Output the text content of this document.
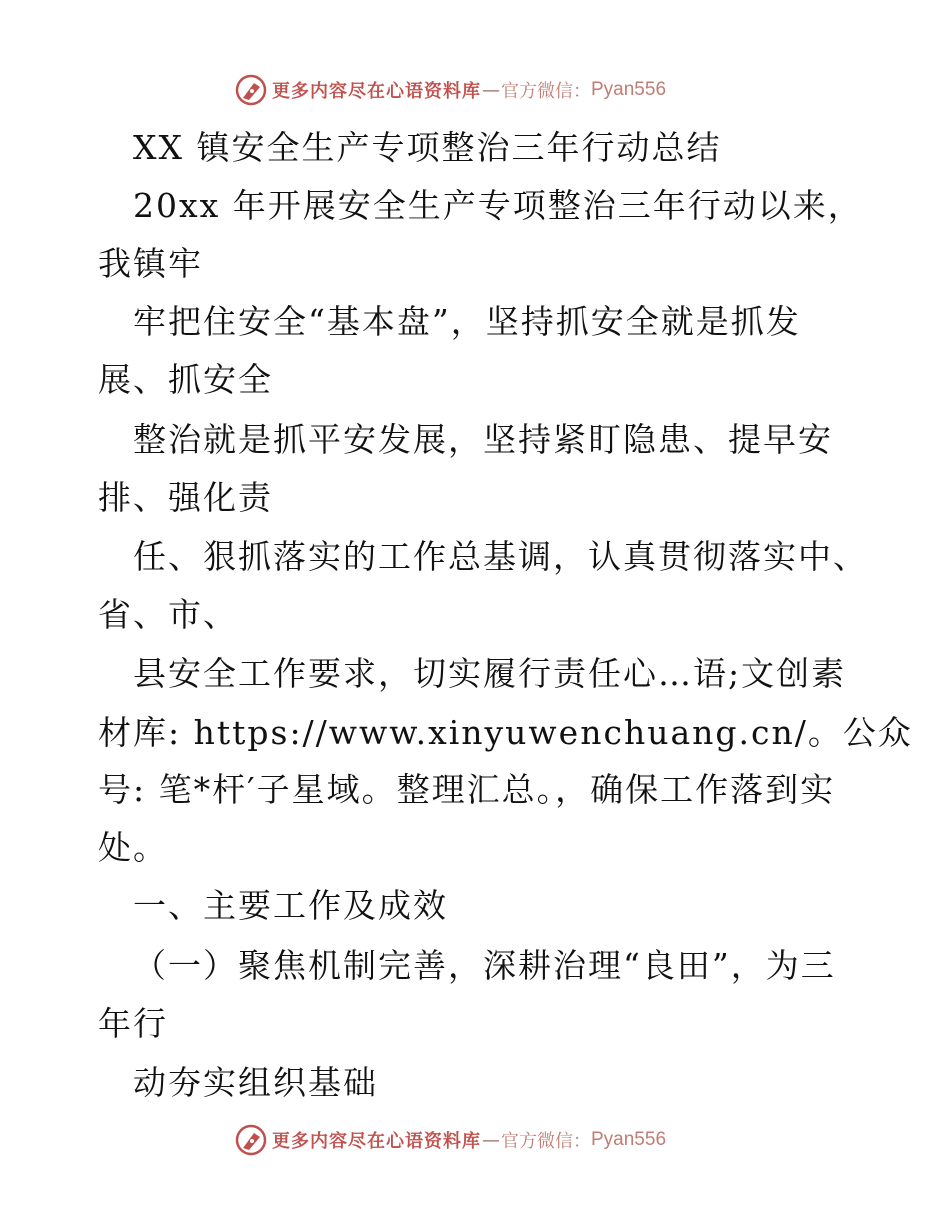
更多内容尽在心语资料库 — 官方微信： Pyan556
XX 镇安全生产专项整治三年行动总结
20xx 年开展安全生产专项整治三年行动以来，
我镇牢
牢把住安全“基本盘”，坚持抓安全就是抓发
展、抓安全
整治就是抓平安发展，坚持紧盯隐患、提早安
排、强化责
任、狠抓落实的工作总基调，认真贯彻落实中、
省、市、
县安全工作要求，切实履行责任心…语;文创素
材库: https://www.xinyuwenchuang.cn/。公众
号: 笔*杆′子星域。整理汇总。，确保工作落到实
处。
一、主要工作及成效
（一）聚焦机制完善，深耕治理“良田”，为三
年行
动夯实组织基础
更多内容尽在心语资料库 — 官方微信： Pyan556
